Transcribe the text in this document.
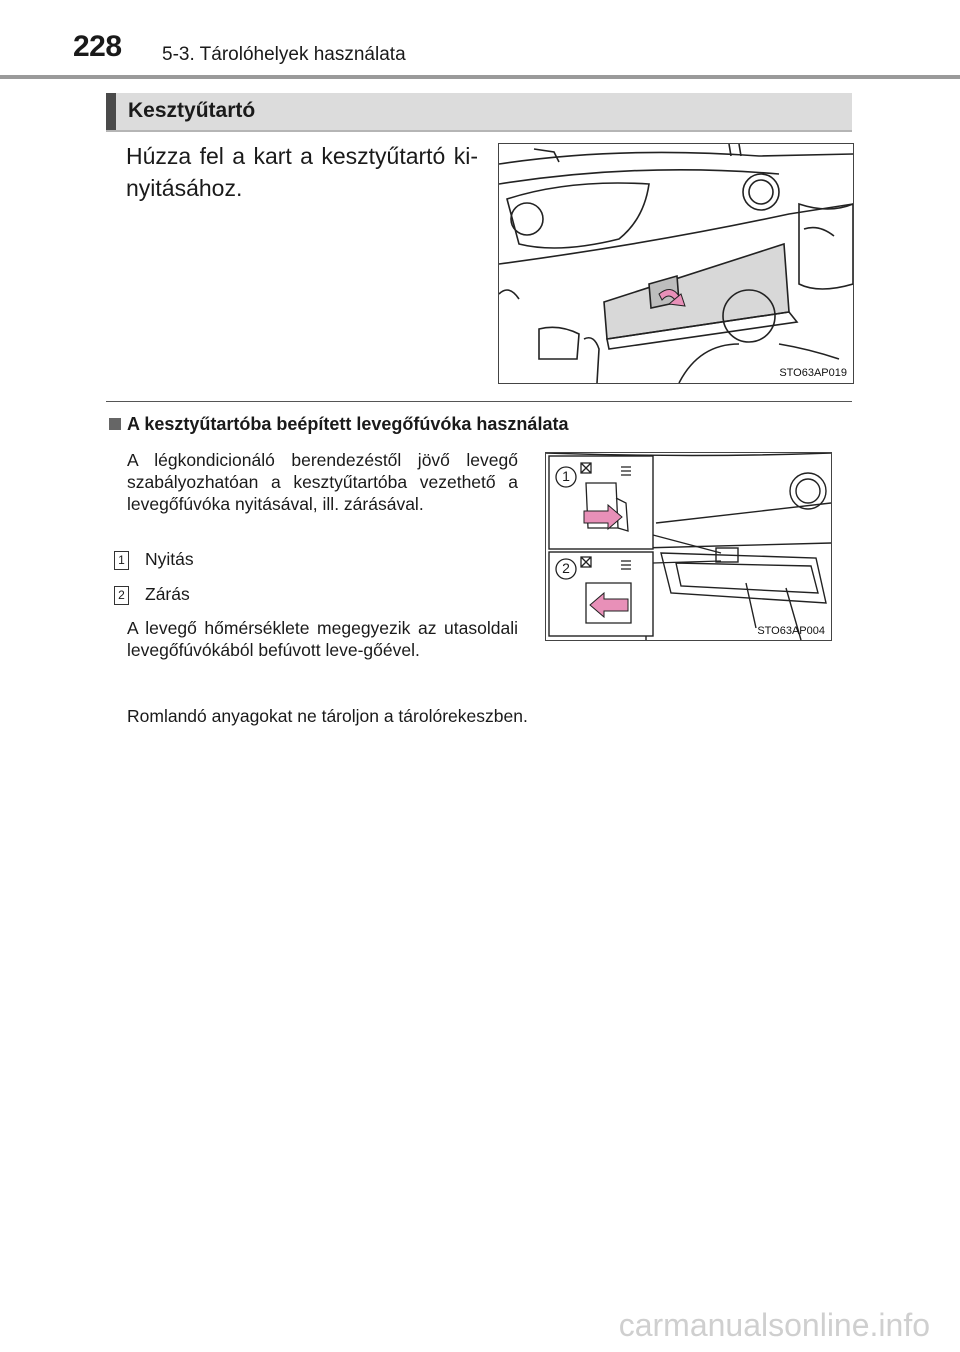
228 5-3. Tárolóhelyek használata
Kesztyűtartó
Húzza fel a kart a kesztyűtartó ki-nyitásához.
STO63AP019
A kesztyűtartóba beépített levegőfúvóka használata
A légkondicionáló berendezéstől jövő levegő szabályozhatóan a kesztyűtartóba vezethető a levegőfúvóka nyitásával, ill. zárásával.
1 Nyitás
2 Zárás
A levegő hőmérséklete megegyezik az utasoldali levegőfúvókából befúvott leve-gőével.
1
2
STO63AP004
Romlandó anyagokat ne tároljon a tárolórekeszben.
carmanualsonline.info
